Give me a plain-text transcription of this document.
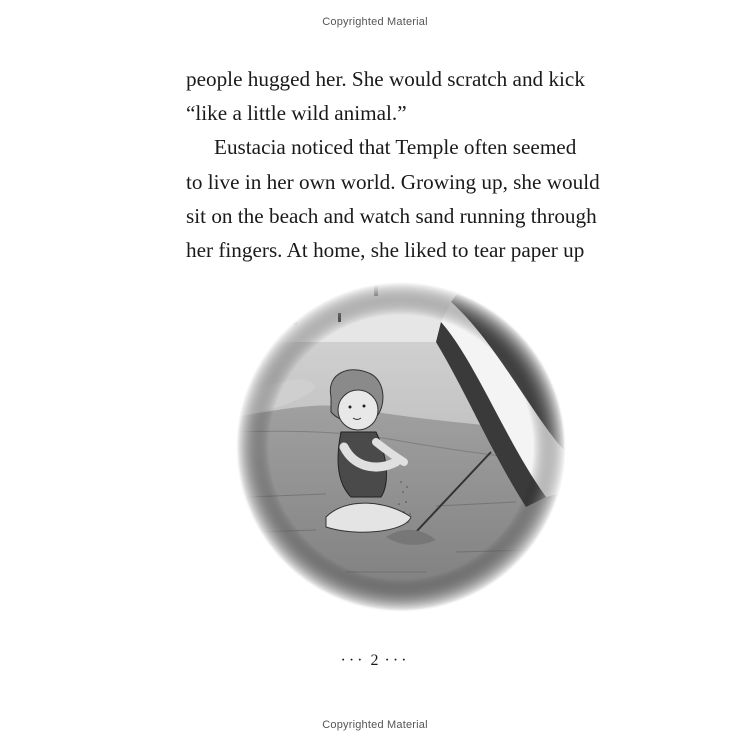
Copyrighted Material
people hugged her. She would scratch and kick
“like a little wild animal.”
Eustacia noticed that Temple often seemed
to live in her own world. Growing up, she would
sit on the beach and watch sand running through
her fingers. At home, she liked to tear paper up
··· 2 ···
Copyrighted Material
